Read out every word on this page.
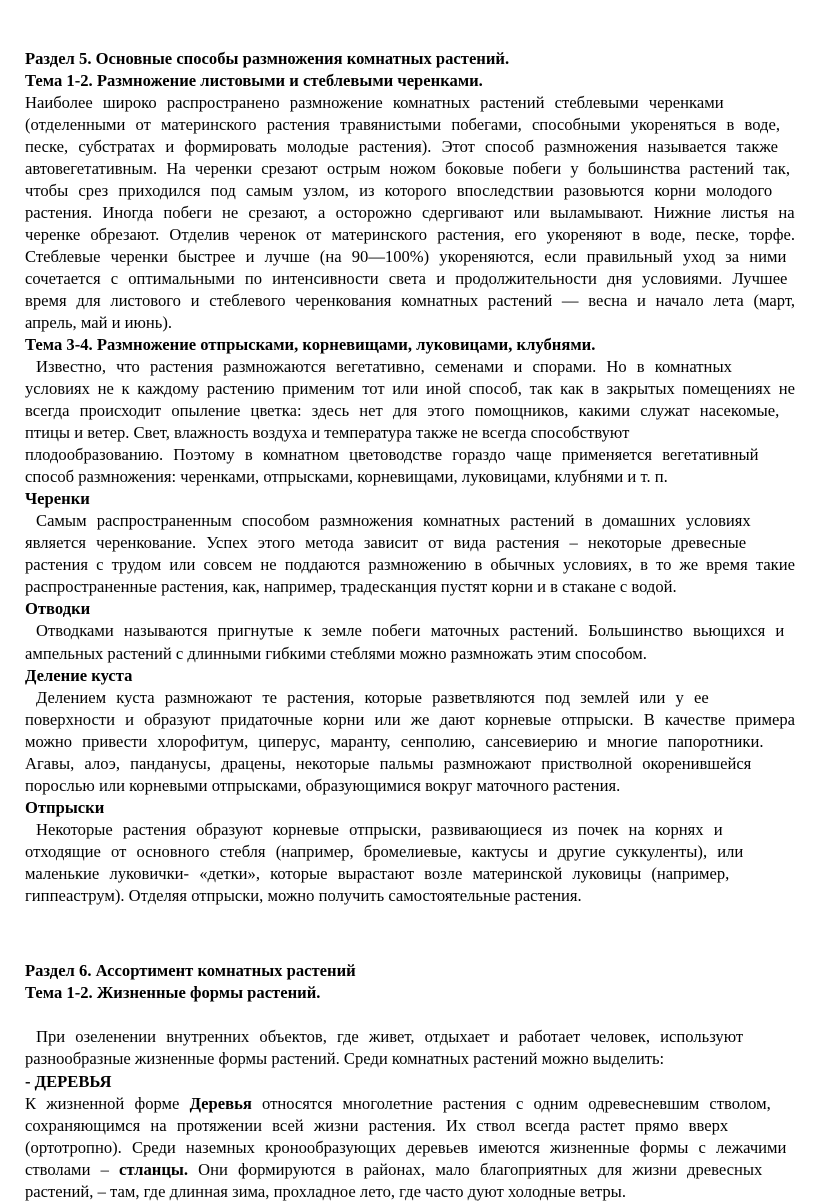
Раздел 5. Основные способы размножения комнатных растений.
Тема 1-2. Размножение листовыми и стеблевыми черенками.
Наиболее широко распространено размножение комнатных растений стеблевыми черенками
(отделенными от материнского растения травянистыми побегами, способными укореняться в воде,
песке, субстратах и формировать молодые растения). Этот способ размножения называется также
автовегетативным. На черенки срезают острым ножом боковые побеги у большинства растений так,
чтобы срез приходился под самым узлом, из которого впоследствии разовьются корни молодого
растения. Иногда побеги не срезают, а осторожно сдергивают или выламывают. Нижние листья на
черенке обрезают. Отделив черенок от материнского растения, его укореняют в воде, песке, торфе.
Стеблевые черенки быстрее и лучше (на 90—100%) укореняются, если правильный уход за ними
сочетается с оптимальными по интенсивности света и продолжительности дня условиями. Лучшее
время для листового и стеблевого черенкования комнатных растений — весна и начало лета (март,
апрель, май и июнь).
Тема 3-4. Размножение отпрысками, корневищами, луковицами, клубнями.
Известно, что растения размножаются вегетативно, семенами и спорами. Но в комнатных
условиях не к каждому растению применим тот или иной способ, так как в закрытых помещениях не
всегда происходит опыление цветка: здесь нет для этого помощников, какими служат насекомые,
птицы и ветер. Свет, влажность воздуха и температура также не всегда способствуют
плодообразованию. Поэтому в комнатном цветоводстве гораздо чаще применяется вегетативный
способ размножения: черенками, отпрысками, корневищами, луковицами, клубнями и т. п.
Черенки
Самым распространенным способом размножения комнатных растений в домашних условиях
является черенкование. Успех этого метода зависит от вида растения – некоторые древесные
растения с трудом или совсем не поддаются размножению в обычных условиях, в то же время такие
распространенные растения, как, например, традесканция пустят корни и в стакане с водой.
Отводки
Отводками называются пригнутые к земле побеги маточных растений. Большинство вьющихся и
ампельных растений с длинными гибкими стеблями можно размножать этим способом.
Деление куста
Делением куста размножают те растения, которые разветвляются под землей или у ее
поверхности и образуют придаточные корни или же дают корневые отпрыски. В качестве примера
можно привести хлорофитум, циперус, маранту, сенполию, сансевиерию и многие папоротники.
Агавы, алоэ, панданусы, драцены, некоторые пальмы размножают пристволной окоренившейся
порослью или корневыми отпрысками, образующимися вокруг маточного растения.
Отпрыски
Некоторые растения образуют корневые отпрыски, развивающиеся из почек на корнях и
отходящие от основного стебля (например, бромелиевые, кактусы и другие суккуленты), или
маленькие луковички- «детки», которые вырастают возле материнской луковицы (например,
гиппеаструм). Отделяя отпрыски, можно получить самостоятельные растения.
Раздел 6. Ассортимент комнатных растений
Тема 1-2. Жизненные формы растений.
При озеленении внутренних объектов, где живет, отдыхает и работает человек, используют
разнообразные жизненные формы растений. Среди комнатных растений можно выделить:
- ДЕРЕВЬЯ
К жизненной форме Деревья относятся многолетние растения с одним одревесневшим стволом,
сохраняющимся на протяжении всей жизни растения. Их ствол всегда растет прямо вверх
(ортотропно). Среди наземных кронообразующих деревьев имеются жизненные формы с лежачими
стволами – стланцы. Они формируются в районах, мало благоприятных для жизни древесных
растений, – там, где длинная зима, прохладное лето, где часто дуют холодные ветры.
